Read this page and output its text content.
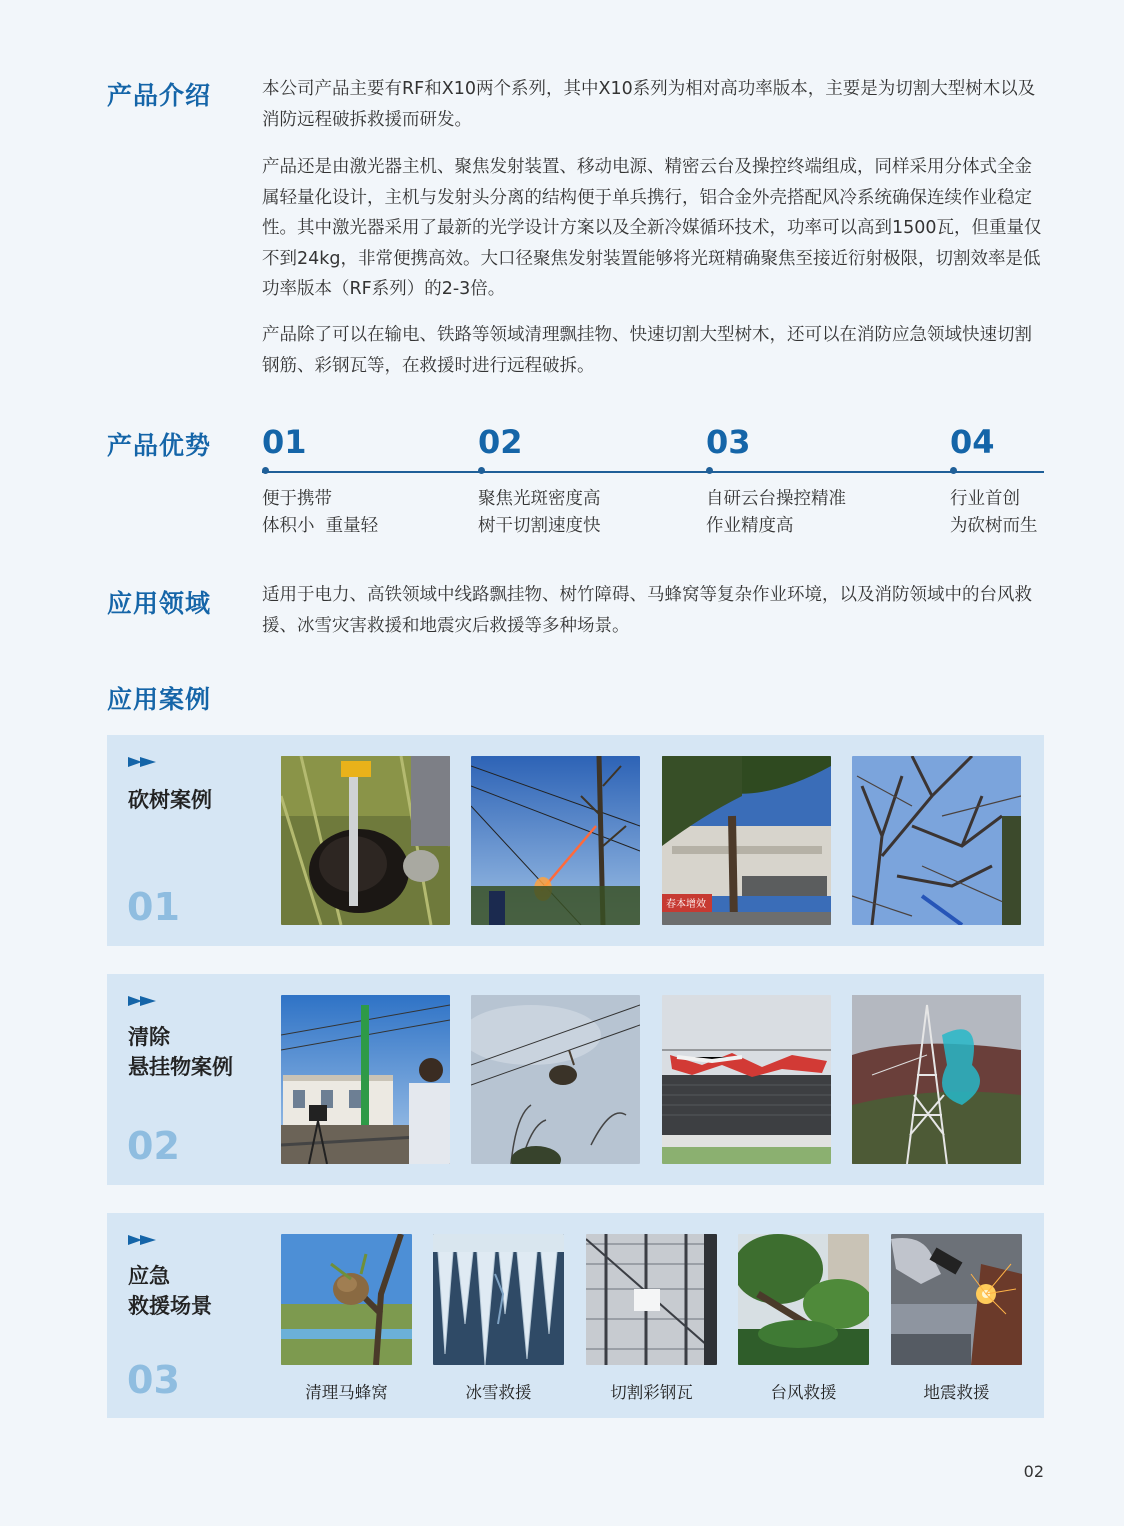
产品介绍	本公司产品主要有RF和X10两个系列，其中X10系列为相对高功率版本，主要是为切割大型树木以及消防远程破拆救援而研发。

产品还是由激光器主机、聚焦发射装置、移动电源、精密云台及操控终端组成，同样采用分体式全金属轻量化设计，主机与发射头分离的结构便于单兵携行，铝合金外壳搭配风冷系统确保连续作业稳定性。其中激光器采用了最新的光学设计方案以及全新冷媒循环技术，功率可以高到1500瓦，但重量仅不到24kg，非常便携高效。大口径聚焦发射装置能够将光斑精确聚焦至接近衍射极限，切割效率是低功率版本（RF系列）的2-3倍。

产品除了可以在输电、铁路等领域清理飘挂物、快速切割大型树木，还可以在消防应急领域快速切割钢筋、彩钢瓦等，在救援时进行远程破拆。

产品优势 01
便于携带
体积小  重量轻
02
聚焦光斑密度高
树干切割速度快
03
自研云台操控精准
作业精度高
04
行业首创
为砍树而生
应用领域	适用于电力、高铁领域中线路飘挂物、树竹障碍、马蜂窝等复杂作业环境，以及消防领域中的台风救援、冰雪灾害救援和地震灾后救援等多种场景。

应用案例
砍树案例
01	春本增效
清除
悬挂物案例
02
应急
救援场景
03	清理马蜂窝	冰雪救援	切割彩钢瓦	台风救援	地震救援
02
